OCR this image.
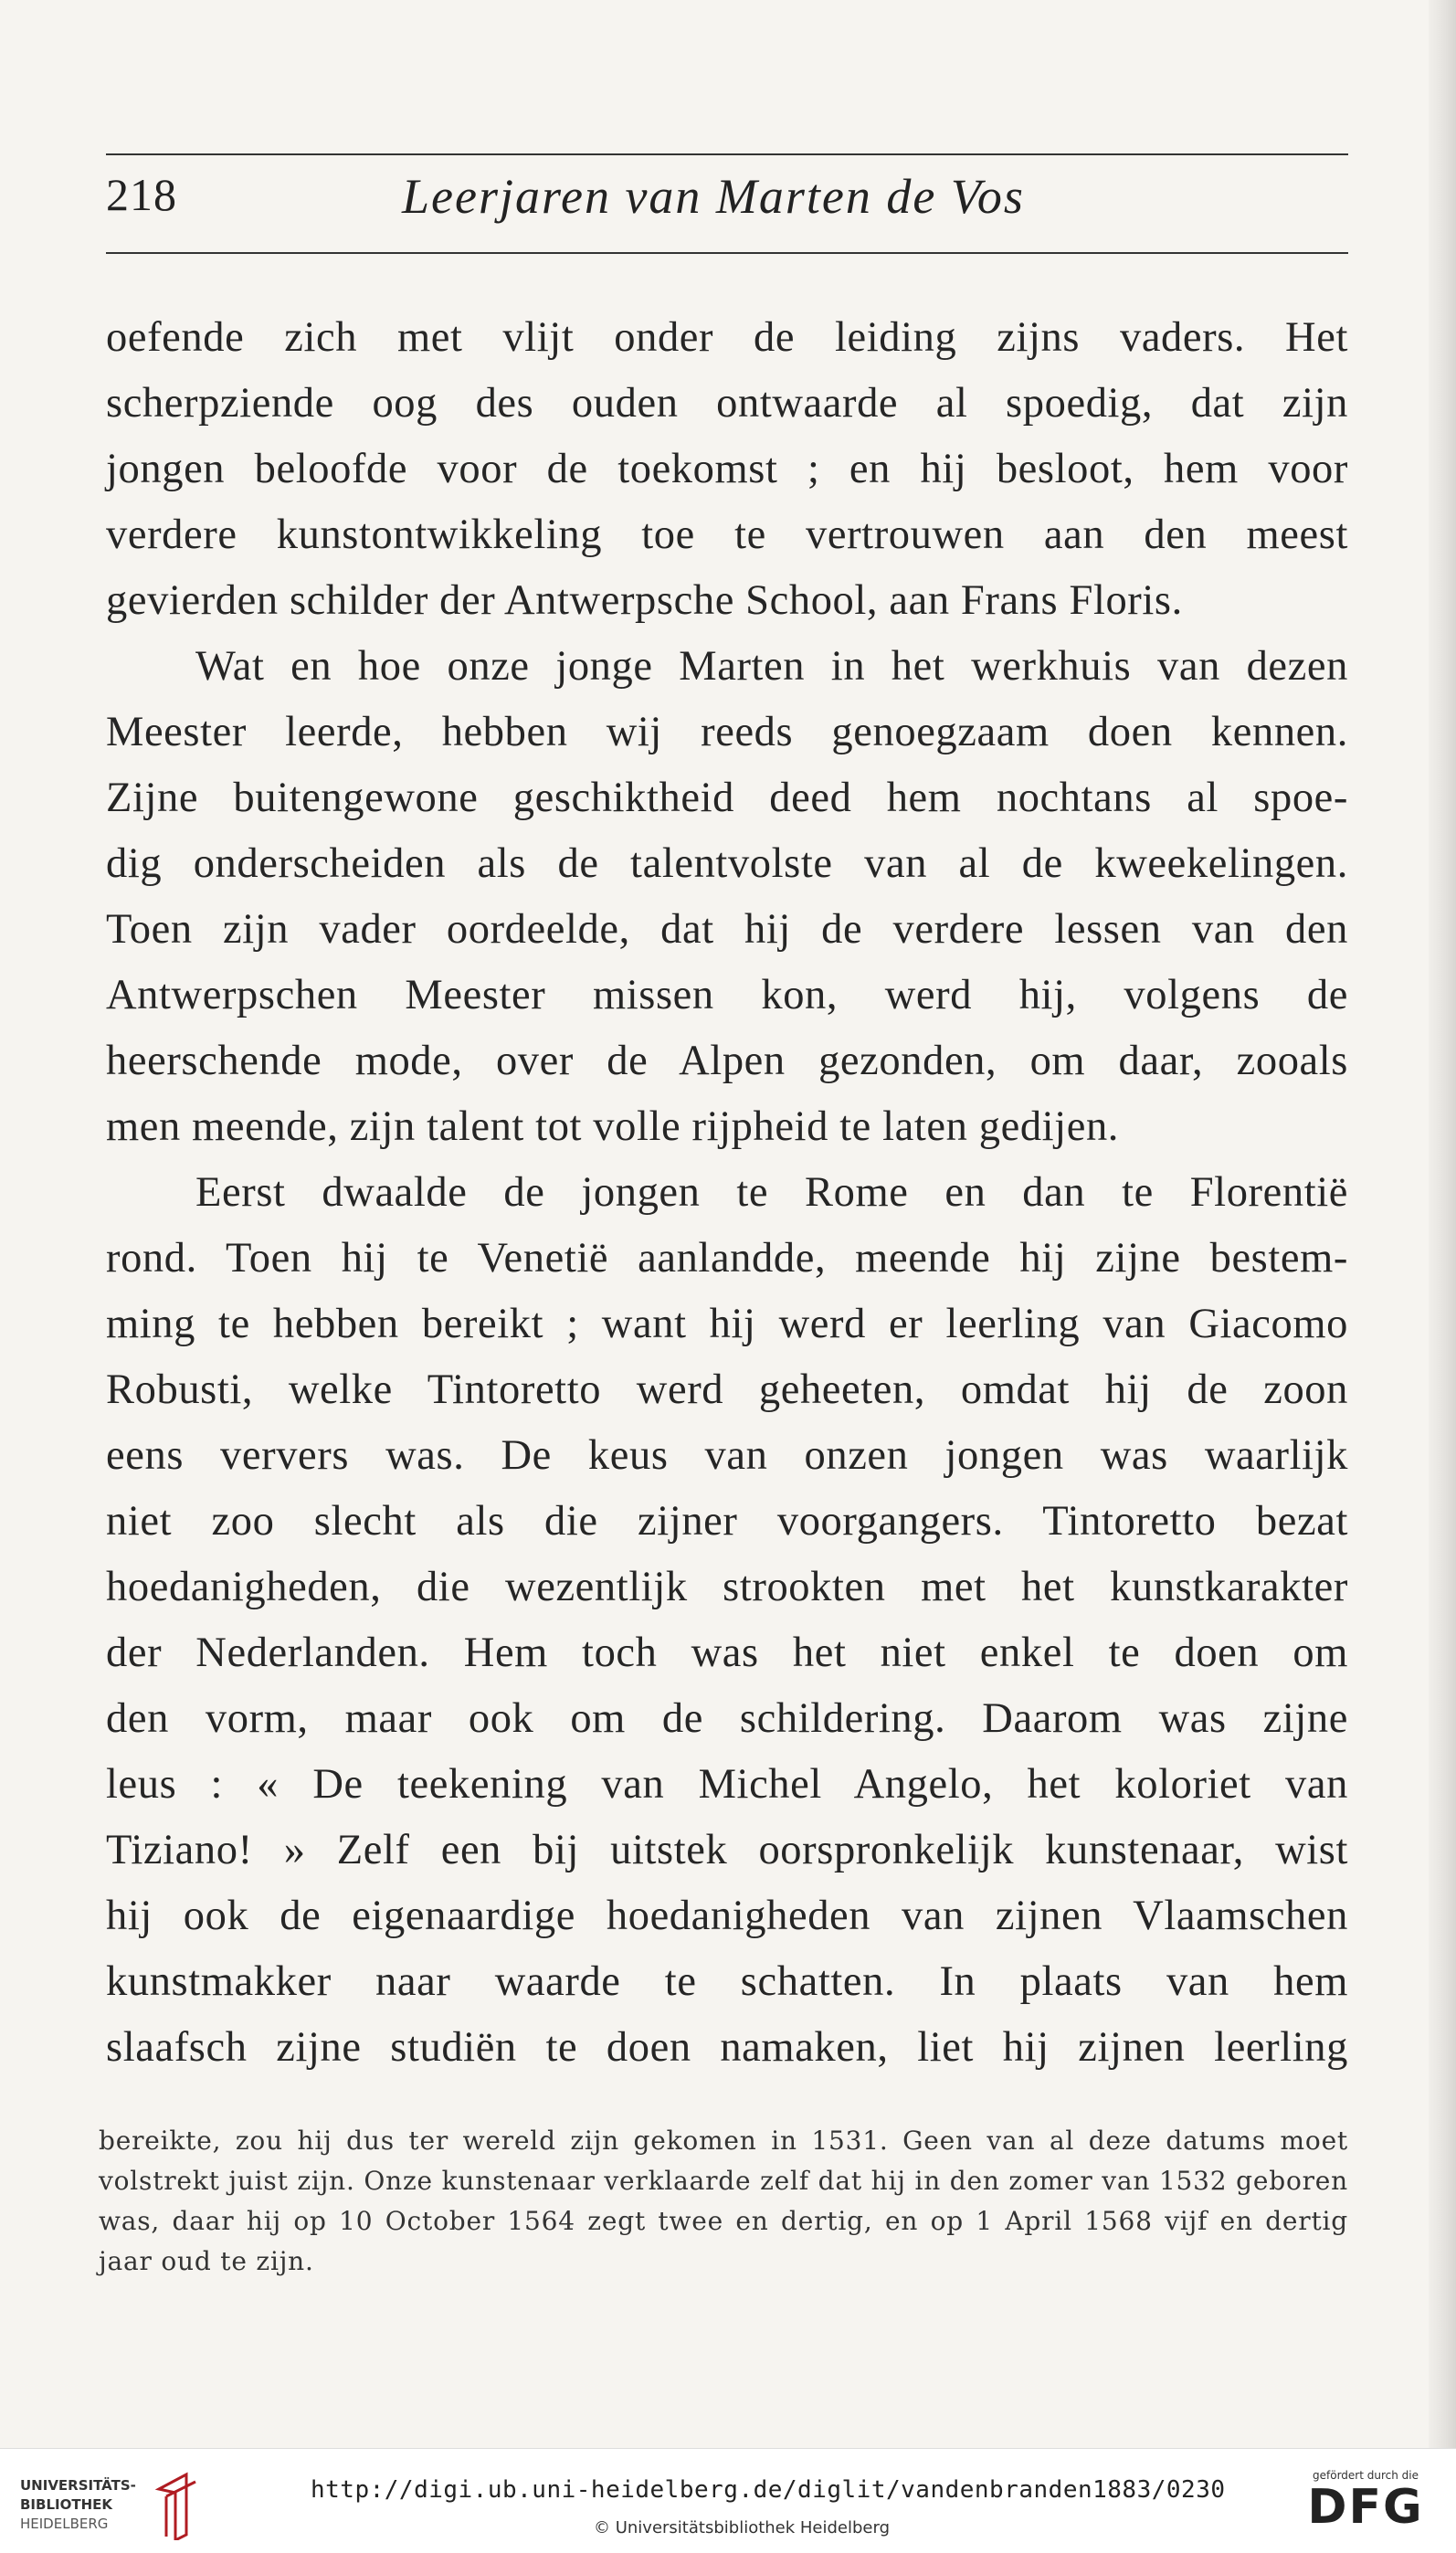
218	Leerjaren van Marten de Vos
oefende zich met vlijt onder de leiding zijns vaders. Het
scherpziende oog des ouden ontwaarde al spoedig, dat zijn
jongen beloofde voor de toekomst ; en hij besloot, hem voor
verdere kunstontwikkeling toe te vertrouwen aan den meest
gevierden schilder der Antwerpsche School, aan Frans Floris.
Wat en hoe onze jonge Marten in het werkhuis van dezen
Meester leerde, hebben wij reeds genoegzaam doen kennen.
Zijne buitengewone geschiktheid deed hem nochtans al spoe-
dig onderscheiden als de talentvolste van al de kweekelingen.
Toen zijn vader oordeelde, dat hij de verdere lessen van den
Antwerpschen Meester missen kon, werd hij, volgens de
heerschende mode, over de Alpen gezonden, om daar, zooals
men meende, zijn talent tot volle rijpheid te laten gedijen.
Eerst dwaalde de jongen te Rome en dan te Florentië
rond. Toen hij te Venetië aanlandde, meende hij zijne bestem-
ming te hebben bereikt ; want hij werd er leerling van Giacomo
Robusti, welke Tintoretto werd geheeten, omdat hij de zoon
eens ververs was. De keus van onzen jongen was waarlijk
niet zoo slecht als die zijner voorgangers. Tintoretto bezat
hoedanigheden, die wezentlijk strookten met het kunstkarakter
der Nederlanden. Hem toch was het niet enkel te doen om
den vorm, maar ook om de schildering. Daarom was zijne
leus : « De teekening van Michel Angelo, het koloriet van
Tiziano! » Zelf een bij uitstek oorspronkelijk kunstenaar, wist
hij ook de eigenaardige hoedanigheden van zijnen Vlaamschen
kunstmakker naar waarde te schatten. In plaats van hem
slaafsch zijne studiën te doen namaken, liet hij zijnen leerling
bereikte, zou hij dus ter wereld zijn gekomen in 1531. Geen van al deze datums moet
volstrekt juist zijn. Onze kunstenaar verklaarde zelf dat hij in den zomer van 1532 geboren
was, daar hij op 10 October 1564 zegt twee en dertig, en op 1 April 1568 vijf en dertig
jaar oud te zijn.
UNIVERSITÄTS-
BIBLIOTHEK
HEIDELBERG
http://digi.ub.uni-heidelberg.de/diglit/vandenbranden1883/0230
© Universitätsbibliothek Heidelberg
gefördert durch die
DFG
